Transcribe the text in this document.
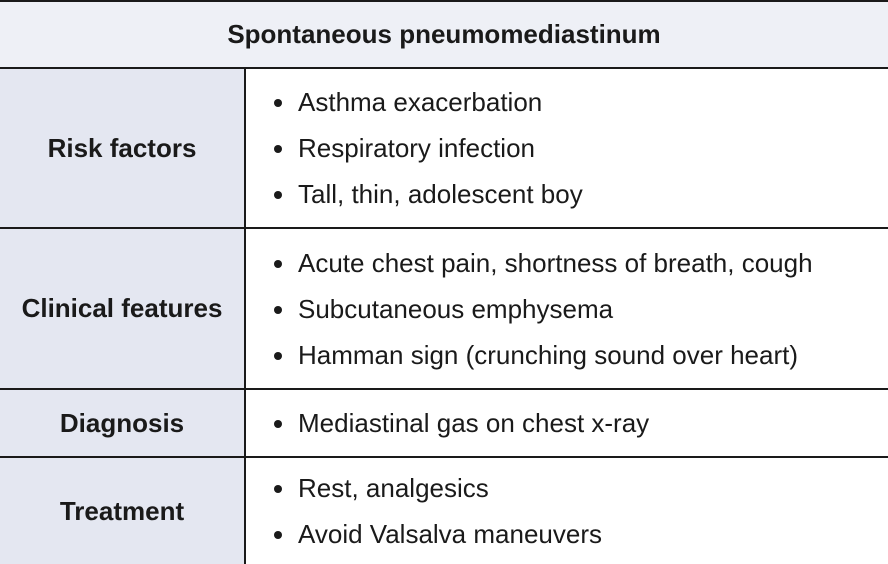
Spontaneous pneumomediastinum
Risk factors
Asthma exacerbation
Respiratory infection
Tall, thin, adolescent boy
Clinical features
Acute chest pain, shortness of breath, cough
Subcutaneous emphysema
Hamman sign (crunching sound over heart)
Diagnosis	Mediastinal gas on chest x-ray
Treatment
Rest, analgesics
Avoid Valsalva maneuvers
